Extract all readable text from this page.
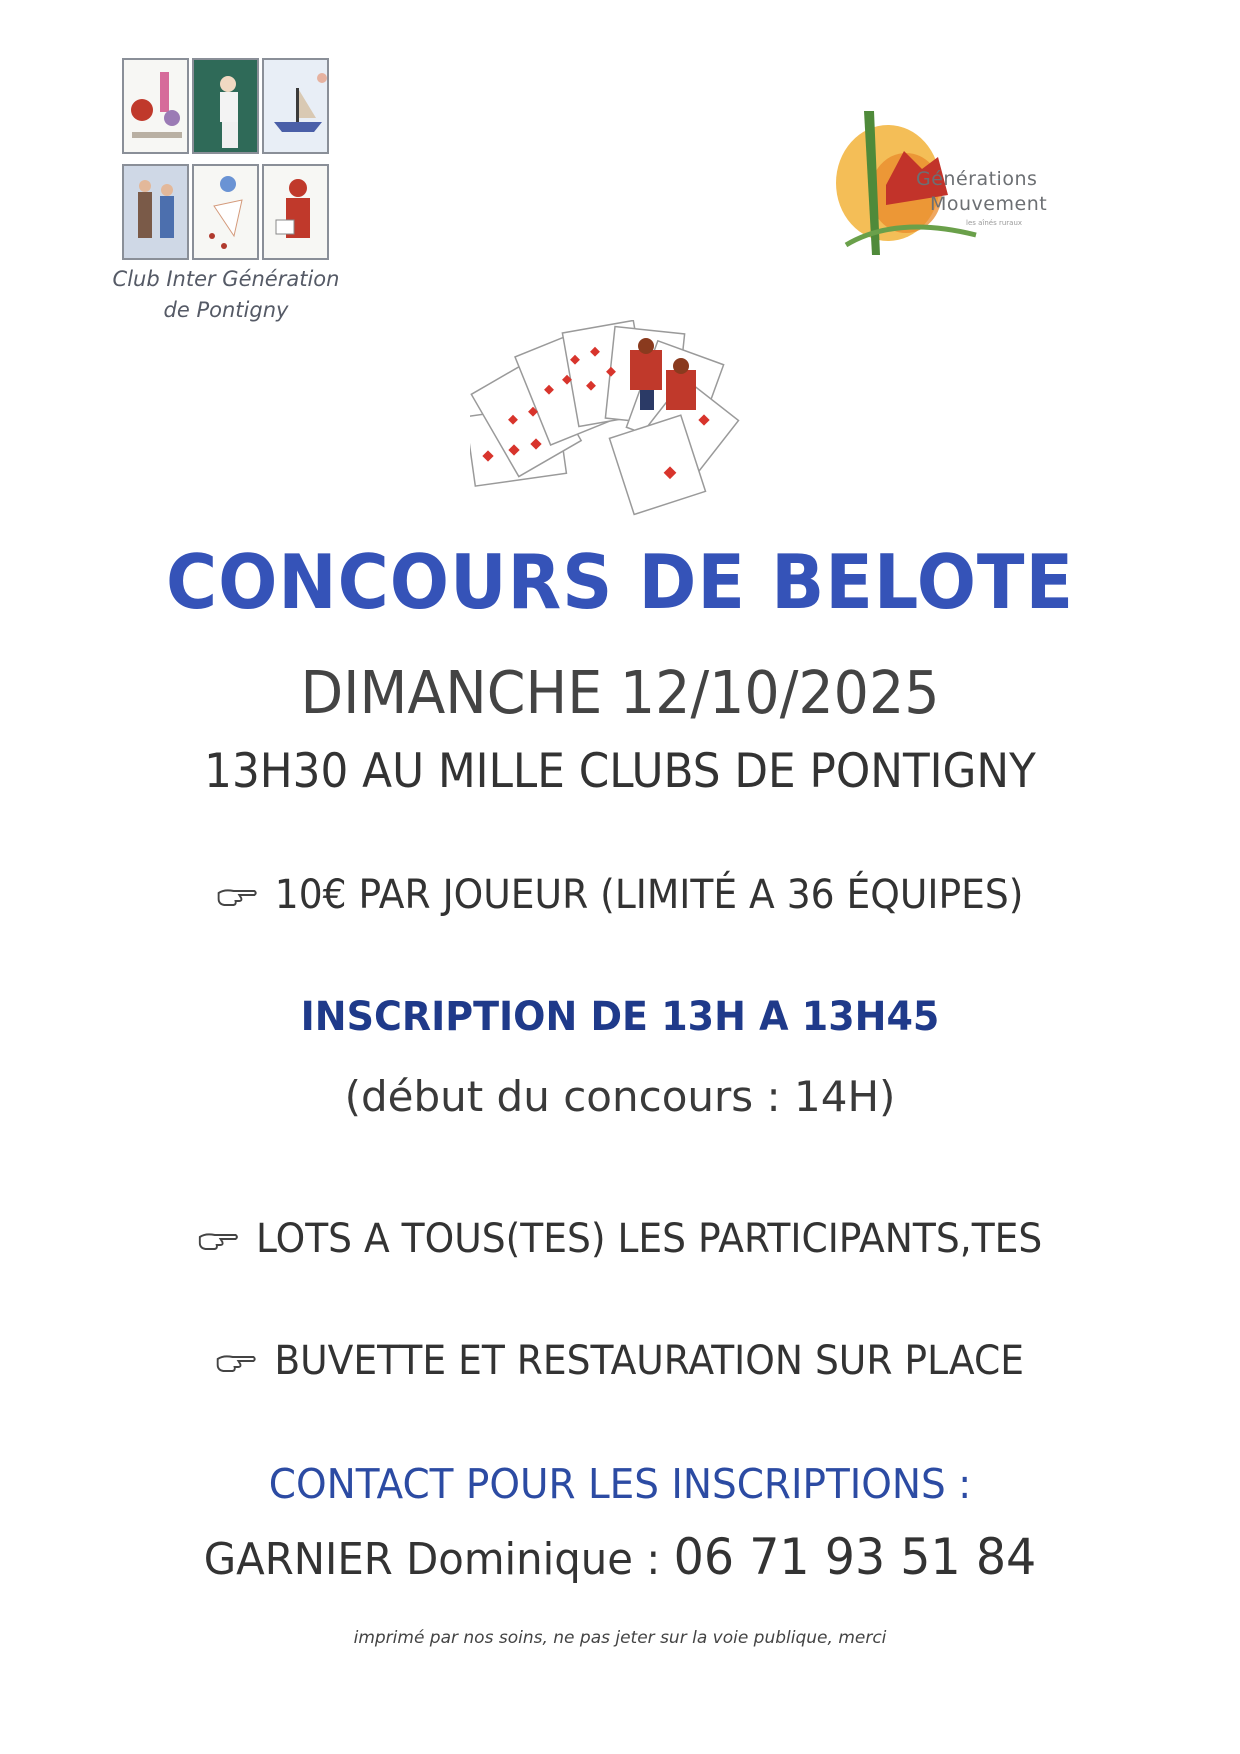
Club Inter Génération
de Pontigny
Générations
Mouvement
les aînés ruraux
CONCOURS DE BELOTE
DIMANCHE 12/10/2025
13H30 AU MILLE CLUBS DE PONTIGNY
10€ PAR JOUEUR (LIMITÉ A 36 ÉQUIPES)
INSCRIPTION DE 13H A 13H45
(début du concours : 14H)
LOTS A TOUS(TES) LES PARTICIPANTS,TES
BUVETTE ET RESTAURATION SUR PLACE
CONTACT POUR LES INSCRIPTIONS :
GARNIER Dominique : 06 71 93 51 84
imprimé par nos soins, ne pas jeter sur la voie publique, merci
